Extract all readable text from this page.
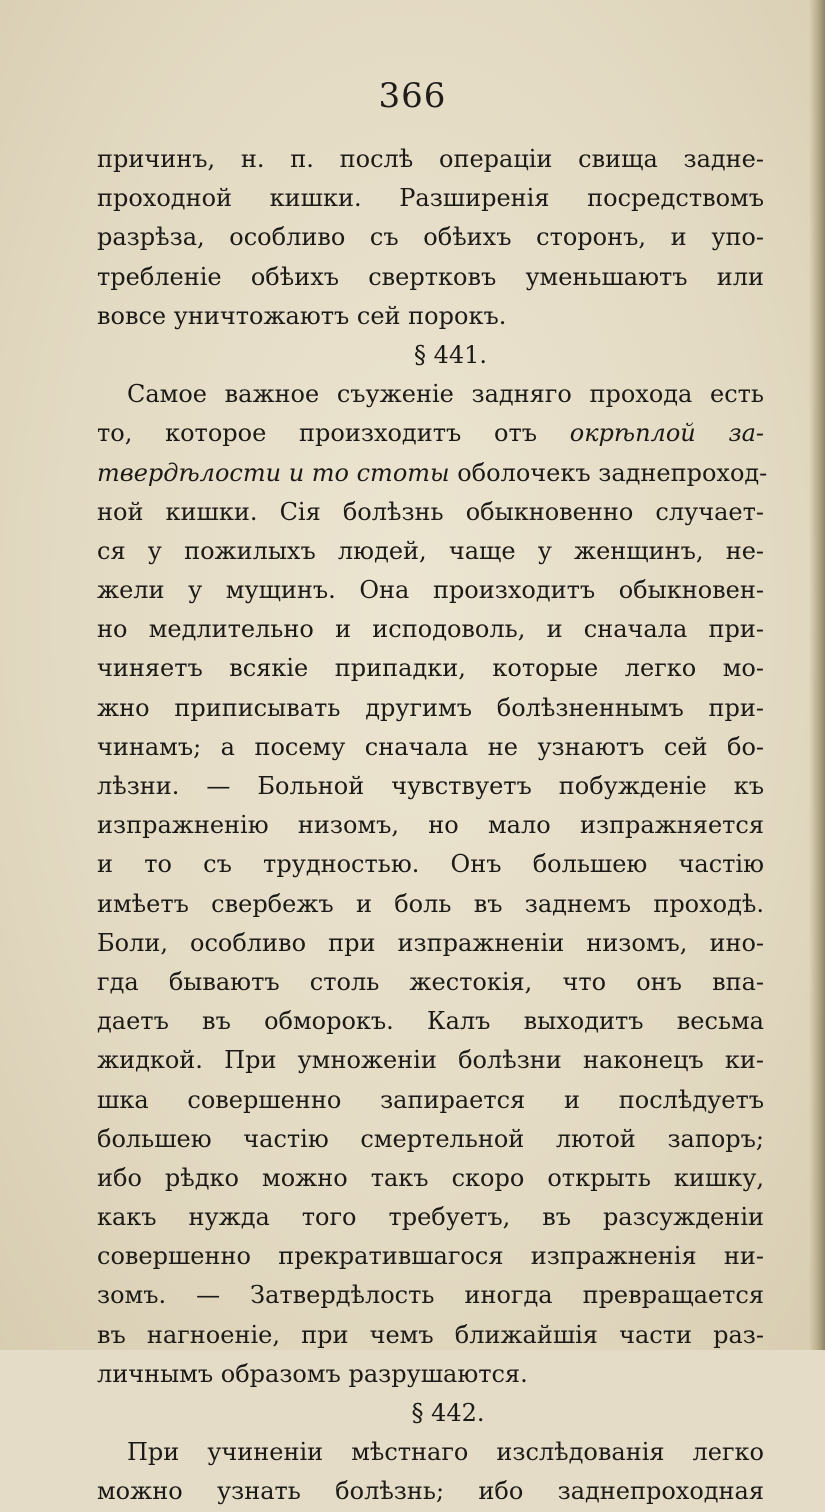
366
причинъ, н. п. послѣ операціи свища задне-
проходной кишки. Разширенія посредствомъ
разрѣза, особливо съ обѣихъ сторонъ, и упо-
требленіе обѣихъ свертковъ уменьшаютъ или
вовсе уничтожаютъ сей порокъ.
§ 441.
Самое важное съуженіе задняго прохода есть
то, которое произходитъ отъ окрѣплой за-
твердѣлости и то стоты оболочекъ заднепроход-
ной кишки. Сія болѣзнь обыкновенно случает-
ся у пожилыхъ людей, чаще у женщинъ, не-
жели у мущинъ. Она произходитъ обыкновен-
но медлительно и исподоволь, и сначала при-
чиняетъ всякіе припадки, которые легко мо-
жно приписывать другимъ болѣзненнымъ при-
чинамъ; а посему сначала не узнаютъ сей бо-
лѣзни. — Больной чувствуетъ побужденіе къ
изпражненію низомъ, но мало изпражняется
и то съ трудностью. Онъ большею частію
имѣетъ свербежъ и боль въ заднемъ проходѣ.
Боли, особливо при изпражненіи низомъ, ино-
гда бываютъ столь жестокія, что онъ впа-
даетъ въ обморокъ. Калъ выходитъ весьма
жидкой. При умноженіи болѣзни наконецъ ки-
шка совершенно запирается и послѣдуетъ
большею частію смертельной лютой запоръ;
ибо рѣдко можно такъ скоро открыть кишку,
какъ нужда того требуетъ, въ разсужденіи
совершенно прекратившагося изпражненія ни-
зомъ. — Затвердѣлость иногда превращается
въ нагноеніе, при чемъ ближайшія части раз-
личнымъ образомъ разрушаются.
§ 442.
При учиненіи мѣстнаго изслѣдованія легко
можно узнать болѣзнь; ибо заднепроходная
